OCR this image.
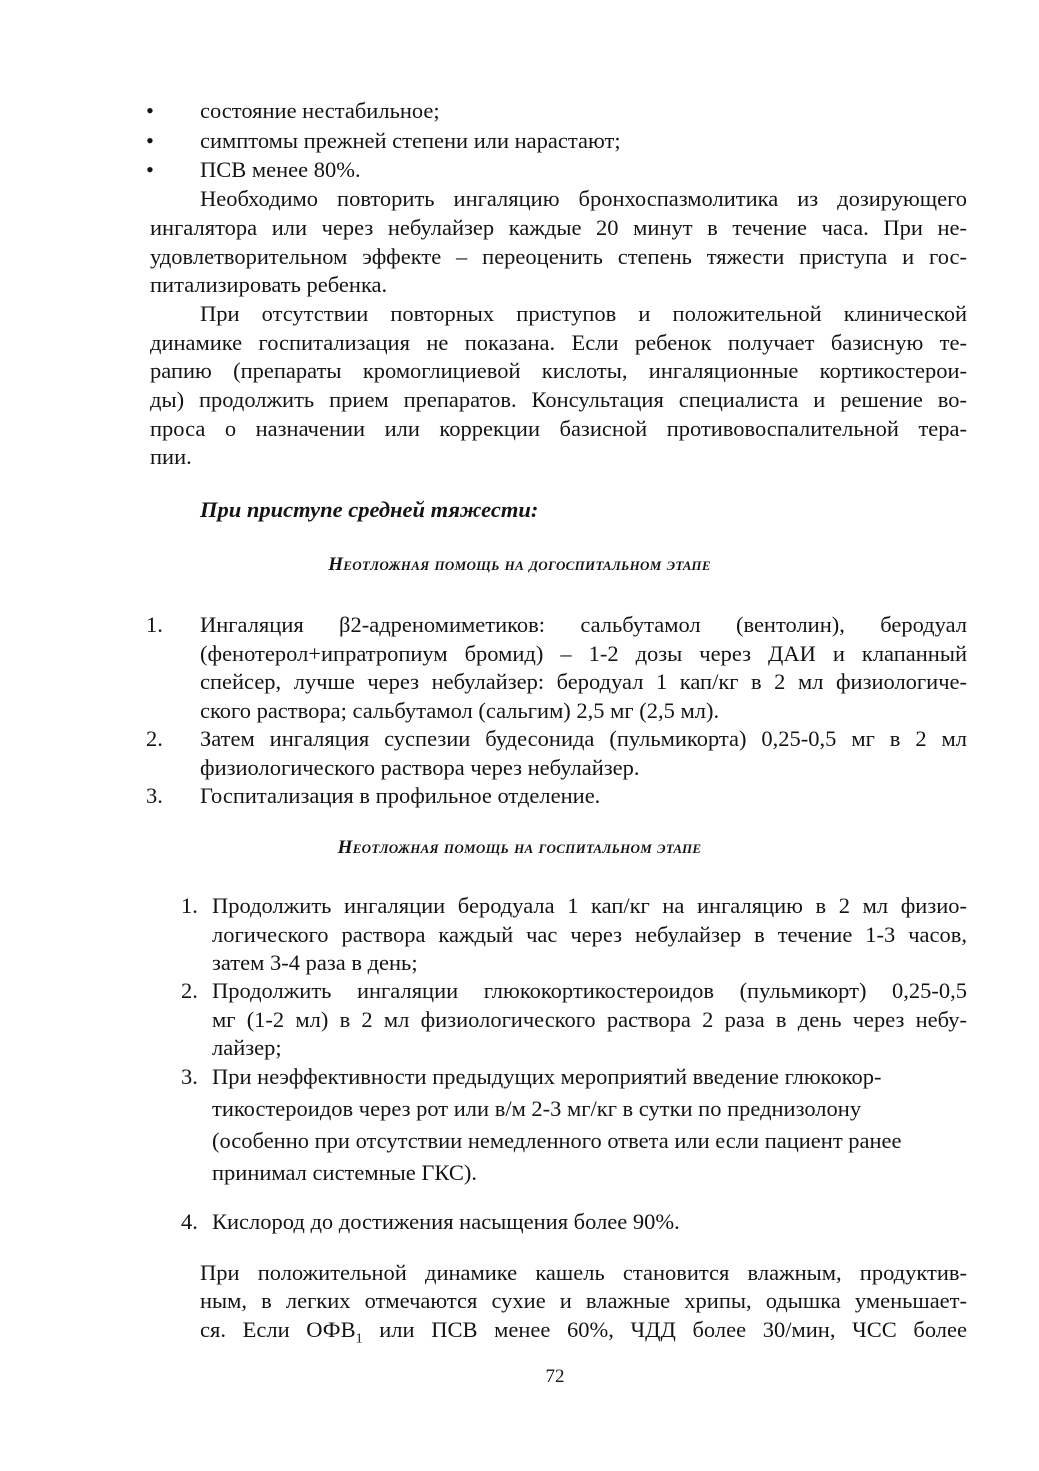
• состояние нестабильное;
• симптомы прежней степени или нарастают;
• ПСВ менее 80%.
Необходимо повторить ингаляцию бронхоспазмолитика из дозирующего
ингалятора или через небулайзер каждые 20 минут в течение часа. При не-
удовлетворительном эффекте – переоценить степень тяжести приступа и гос-
питализировать ребенка.
При отсутствии повторных приступов и положительной клинической
динамике госпитализация не показана. Если ребенок получает базисную те-
рапию (препараты кромоглициевой кислоты, ингаляционные кортикостерои-
ды) продолжить прием препаратов. Консультация специалиста и решение во-
проса о назначении или коррекции базисной противовоспалительной тера-
пии.
При приступе средней тяжести:
Неотложная помощь на догоспитальном этапе
1. Ингаляция β2-адреномиметиков: сальбутамол (вентолин), беродуал
(фенотерол+ипратропиум бромид) – 1-2 дозы через ДАИ и клапанный
спейсер, лучше через небулайзер: беродуал 1 кап/кг в 2 мл физиологиче-
ского раствора; сальбутамол (сальгим) 2,5 мг (2,5 мл).
2. Затем ингаляция суспезии будесонида (пульмикорта) 0,25-0,5 мг в 2 мл
физиологического раствора через небулайзер.
3. Госпитализация в профильное отделение.
Неотложная помощь на госпитальном этапе
1. Продолжить ингаляции беродуала 1 кап/кг на ингаляцию в 2 мл физио-
логического раствора каждый час через небулайзер в течение 1-3 часов,
затем 3-4 раза в день;
2. Продолжить ингаляции глюкокортикостероидов (пульмикорт) 0,25-0,5
мг (1-2 мл) в 2 мл физиологического раствора 2 раза в день через небу-
лайзер;
3. При неэффективности предыдущих мероприятий введение глюкокор-
тикостероидов через рот или в/м 2-3 мг/кг в сутки по преднизолону
(особенно при отсутствии немедленного ответа или если пациент ранее
принимал системные ГКС).
4. Кислород до достижения насыщения более 90%.
При положительной динамике кашель становится влажным, продуктив-
ным, в легких отмечаются сухие и влажные хрипы, одышка уменьшает-
ся. Если $ОФВ_1$ или ПСВ менее 60%, ЧДД более 30/мин, ЧСС более
72
